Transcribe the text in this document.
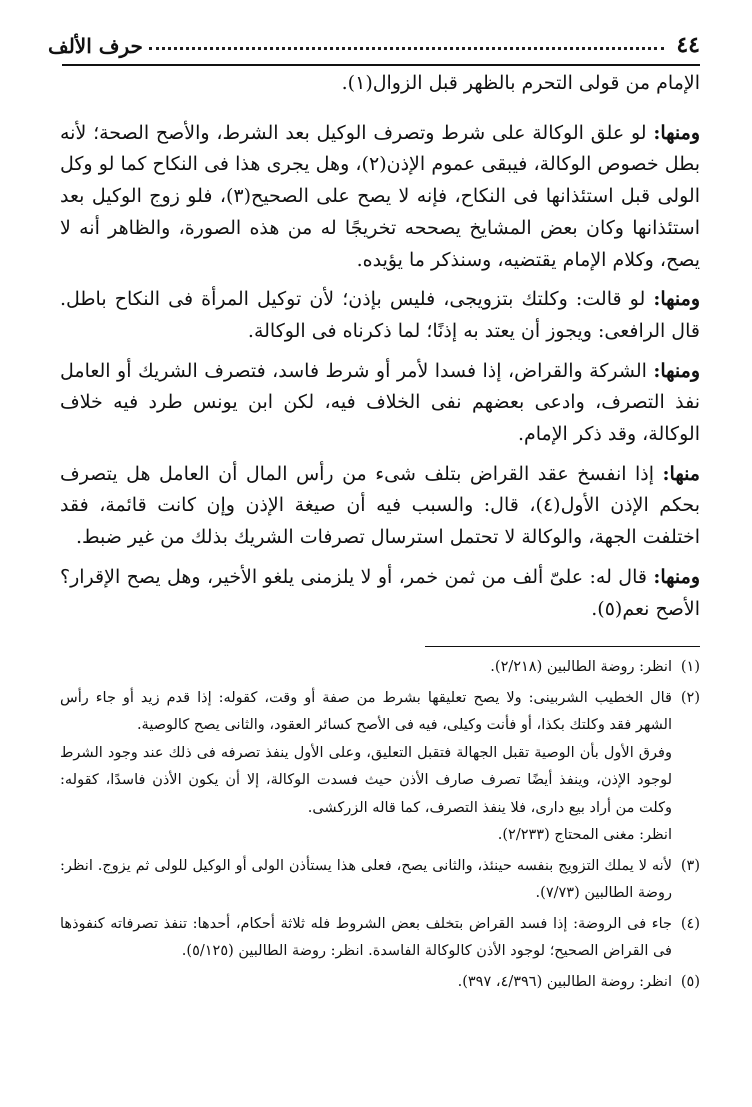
٤٤
حرف الألف

الإمام من قولى التحرم بالظهر قبل الزوال(١).

ومنها: لو علق الوكالة على شرط وتصرف الوكيل بعد الشرط، والأصح الصحة؛ لأنه بطل خصوص الوكالة، فيبقى عموم الإذن(٢)، وهل يجرى هذا فى النكاح كما لو وكل الولى قبل استئذانها فى النكاح، فإنه لا يصح على الصحيح(٣)، فلو زوج الوكيل بعد استئذانها وكان بعض المشايخ يصححه تخريجًا له من هذه الصورة، والظاهر أنه لا يصح، وكلام الإمام يقتضيه، وسنذكر ما يؤيده.

ومنها: لو قالت: وكلتك بتزويجى، فليس بإذن؛ لأن توكيل المرأة فى النكاح باطل. قال الرافعى: ويجوز أن يعتد به إذنًا؛ لما ذكرناه فى الوكالة.

ومنها: الشركة والقراض، إذا فسدا لأمر أو شرط فاسد، فتصرف الشريك أو العامل نفذ التصرف، وادعى بعضهم نفى الخلاف فيه، لكن ابن يونس طرد فيه خلاف الوكالة، وقد ذكر الإمام.

منها: إذا انفسخ عقد القراض بتلف شىء من رأس المال أن العامل هل يتصرف بحكم الإذن الأول(٤)، قال: والسبب فيه أن صيغة الإذن وإن كانت قائمة، فقد اختلفت الجهة، والوكالة لا تحتمل استرسال تصرفات الشريك بذلك من غير ضبط.

ومنها: قال له: علىّ ألف من ثمن خمر، أو لا يلزمنى يلغو الأخير، وهل يصح الإقرار؟ الأصح نعم(٥).

(١)

انظر: روضة الطالبين (٢/٢١٨).

(٢)

قال الخطيب الشربينى: ولا يصح تعليقها بشرط من صفة أو وقت، كقوله: إذا قدم زيد أو جاء رأس الشهر فقد وكلتك بكذا، أو فأنت وكيلى، فيه فى الأصح كسائر العقود، والثانى يصح كالوصية.

وفرق الأول بأن الوصية تقبل الجهالة فتقبل التعليق، وعلى الأول ينفذ تصرفه فى ذلك عند وجود الشرط لوجود الإذن، وينفذ أيضًا تصرف صارف الأذن حيث فسدت الوكالة، إلا أن يكون الأذن فاسدًا، كقوله: وكلت من أراد بيع دارى، فلا ينفذ التصرف، كما قاله الزركشى.

انظر: مغنى المحتاج (٢/٢٣٣).

(٣)

لأنه لا يملك التزويج بنفسه حينئذ، والثانى يصح، فعلى هذا يستأذن الولى أو الوكيل للولى ثم يزوج. انظر: روضة الطالبين (٧/٧٣).

(٤)

جاء فى الروضة: إذا فسد القراض بتخلف بعض الشروط فله ثلاثة أحكام، أحدها: تنفذ تصرفاته كنفوذها فى القراض الصحيح؛ لوجود الأذن كالوكالة الفاسدة. انظر: روضة الطالبين (٥/١٢٥).

(٥)

انظر: روضة الطالبين (٤/٣٩٦، ٣٩٧).
